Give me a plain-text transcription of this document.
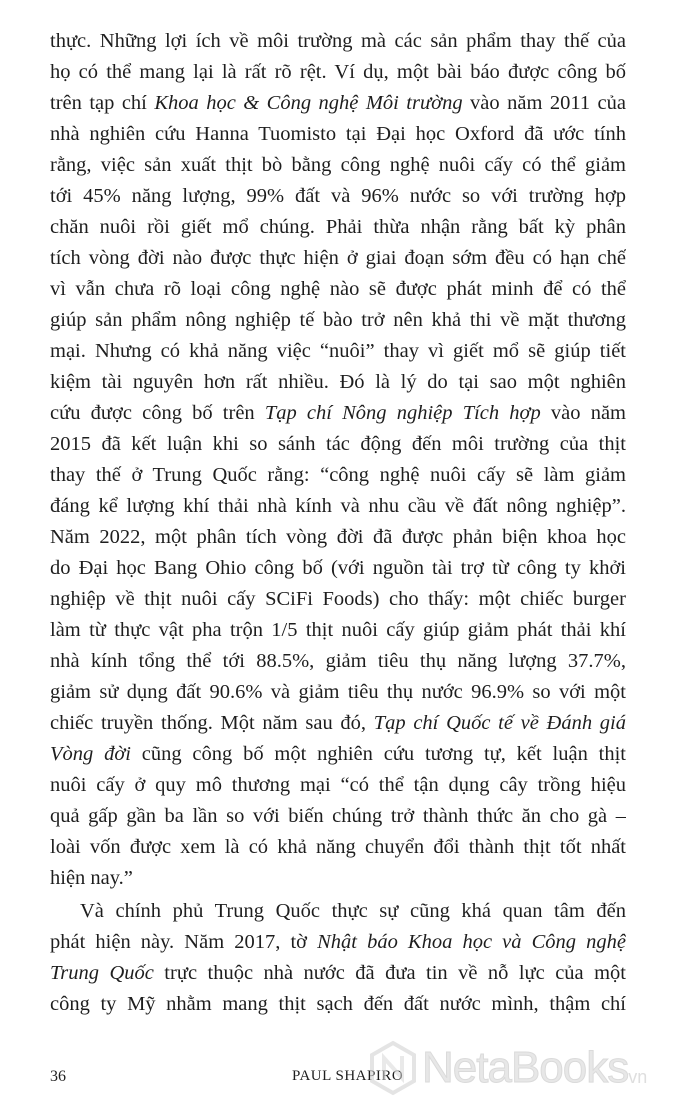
thực. Những lợi ích về môi trường mà các sản phẩm thay thế của
họ có thể mang lại là rất rõ rệt. Ví dụ, một bài báo được công bố
trên tạp chí Khoa học & Công nghệ Môi trường vào năm 2011 của
nhà nghiên cứu Hanna Tuomisto tại Đại học Oxford đã ước tính
rằng, việc sản xuất thịt bò bằng công nghệ nuôi cấy có thể giảm
tới 45% năng lượng, 99% đất và 96% nước so với trường hợp
chăn nuôi rồi giết mổ chúng. Phải thừa nhận rằng bất kỳ phân
tích vòng đời nào được thực hiện ở giai đoạn sớm đều có hạn chế
vì vẫn chưa rõ loại công nghệ nào sẽ được phát minh để có thể
giúp sản phẩm nông nghiệp tế bào trở nên khả thi về mặt thương
mại. Nhưng có khả năng việc “nuôi” thay vì giết mổ sẽ giúp tiết
kiệm tài nguyên hơn rất nhiều. Đó là lý do tại sao một nghiên
cứu được công bố trên Tạp chí Nông nghiệp Tích hợp vào năm
2015 đã kết luận khi so sánh tác động đến môi trường của thịt
thay thế ở Trung Quốc rằng: “công nghệ nuôi cấy sẽ làm giảm
đáng kể lượng khí thải nhà kính và nhu cầu về đất nông nghiệp”.
Năm 2022, một phân tích vòng đời đã được phản biện khoa học
do Đại học Bang Ohio công bố (với nguồn tài trợ từ công ty khởi
nghiệp về thịt nuôi cấy SCiFi Foods) cho thấy: một chiếc burger
làm từ thực vật pha trộn 1/5 thịt nuôi cấy giúp giảm phát thải khí
nhà kính tổng thể tới 88.5%, giảm tiêu thụ năng lượng 37.7%,
giảm sử dụng đất 90.6% và giảm tiêu thụ nước 96.9% so với một
chiếc truyền thống. Một năm sau đó, Tạp chí Quốc tế về Đánh giá
Vòng đời cũng công bố một nghiên cứu tương tự, kết luận thịt
nuôi cấy ở quy mô thương mại “có thể tận dụng cây trồng hiệu
quả gấp gần ba lần so với biến chúng trở thành thức ăn cho gà –
loài vốn được xem là có khả năng chuyển đổi thành thịt tốt nhất
hiện nay.”
Và chính phủ Trung Quốc thực sự cũng khá quan tâm đến
phát hiện này. Năm 2017, tờ Nhật báo Khoa học và Công nghệ
Trung Quốc trực thuộc nhà nước đã đưa tin về nỗ lực của một
công ty Mỹ nhằm mang thịt sạch đến đất nước mình, thậm chí
36	PAUL SHAPIRO NetaBooks vn
